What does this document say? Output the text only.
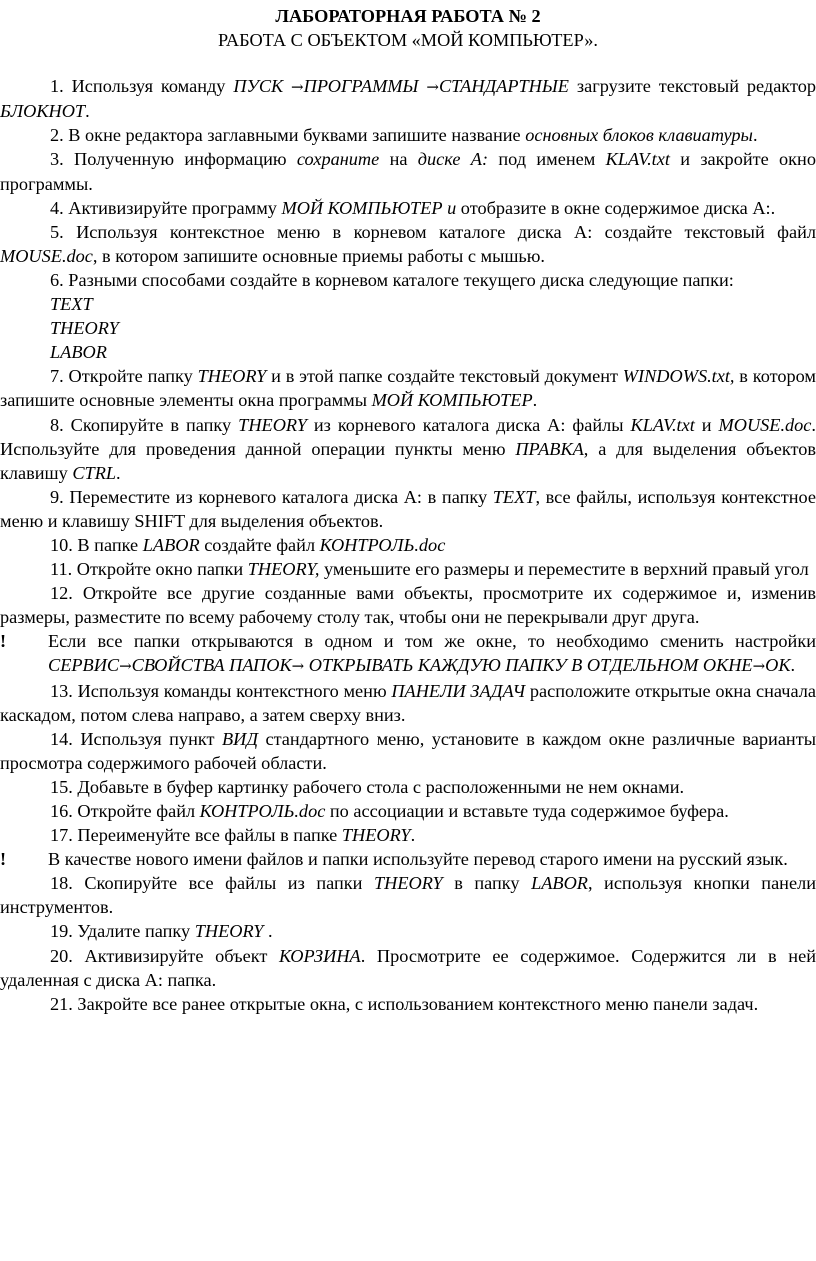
ЛАБОРАТОРНАЯ РАБОТА № 2

РАБОТА С ОБЪЕКТОМ «МОЙ КОМПЬЮТЕР».

1. Используя команду ПУСК →ПРОГРАММЫ →СТАНДАРТНЫЕ загрузите текстовый редактор БЛОКНОТ.

2. В окне редактора заглавными буквами запишите название основных блоков клавиатуры.

3. Полученную информацию сохраните на диске А: под именем KLAV.txt и закройте окно программы.

4. Активизируйте программу МОЙ КОМПЬЮТЕР и отобразите в окне содержимое диска А:.

5. Используя контекстное меню в корневом каталоге диска А: создайте текстовый файл MOUSE.doc, в котором запишите основные приемы работы с мышью.

6. Разными способами создайте в корневом каталоге текущего диска следующие папки:

TEXT

THEORY

LABOR

7. Откройте папку THEORY и в этой папке создайте текстовый документ WINDOWS.txt, в котором запишите основные элементы окна программы МОЙ КОМПЬЮТЕР.

8. Скопируйте в папку THEORY из корневого каталога диска А: файлы KLAV.txt и MOUSE.doc. Используйте для проведения данной операции пункты меню ПРАВКА, а для выделения объектов клавишу CTRL.

9. Переместите из корневого каталога диска А: в папку TEXT, все файлы, используя контекстное меню и клавишу SHIFT для выделения объектов.

10. В папке LABOR создайте файл КОНТРОЛЬ.doc

11. Откройте окно папки THEORY, уменьшите его размеры и переместите в верхний правый угол

12. Откройте все другие созданные вами объекты, просмотрите их содержимое и, изменив размеры, разместите по всему рабочему столу так, чтобы они не перекрывали друг друга.

! Если все папки открываются в одном и том же окне, то необходимо сменить настройки СЕРВИС→СВОЙСТВА ПАПОК→ ОТКРЫВАТЬ КАЖДУЮ ПАПКУ В ОТДЕЛЬНОМ ОКНЕ→ОК.

13. Используя команды контекстного меню ПАНЕЛИ ЗАДАЧ расположите открытые окна сначала каскадом, потом слева направо, а затем сверху вниз.

14. Используя пункт ВИД стандартного меню, установите в каждом окне различные варианты просмотра содержимого рабочей области.

15. Добавьте в буфер картинку рабочего стола с расположенными не нем окнами.

16. Откройте файл КОНТРОЛЬ.doc по ассоциации и вставьте туда содержимое буфера.

17. Переименуйте все файлы в папке THEORY.

! В качестве нового имени файлов и папки используйте перевод старого имени на русский язык.

18. Скопируйте все файлы из папки THEORY в папку LABOR, используя кнопки панели инструментов.

19. Удалите папку THEORY .

20. Активизируйте объект КОРЗИНА. Просмотрите ее содержимое. Содержится ли в ней удаленная с диска А: папка.

21. Закройте все ранее открытые окна, с использованием контекстного меню панели задач.
